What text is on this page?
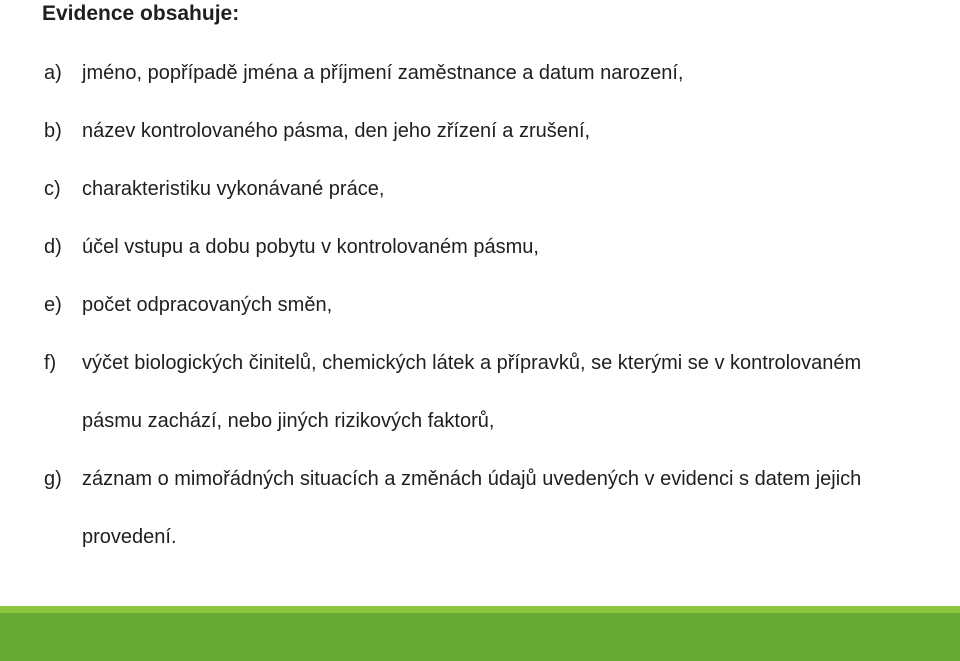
Evidence obsahuje:
a) jméno, popřípadě jména a příjmení zaměstnance a datum narození,
b) název kontrolovaného pásma, den jeho zřízení a zrušení,
c) charakteristiku vykonávané práce,
d) účel vstupu a dobu pobytu v kontrolovaném pásmu,
e) počet odpracovaných směn,
f) výčet biologických činitelů, chemických látek a přípravků, se kterými se v kontrolovaném pásmu zachází, nebo jiných rizikových faktorů,
g) záznam o mimořádných situacích a změnách údajů uvedených v evidenci s datem jejich provedení.
